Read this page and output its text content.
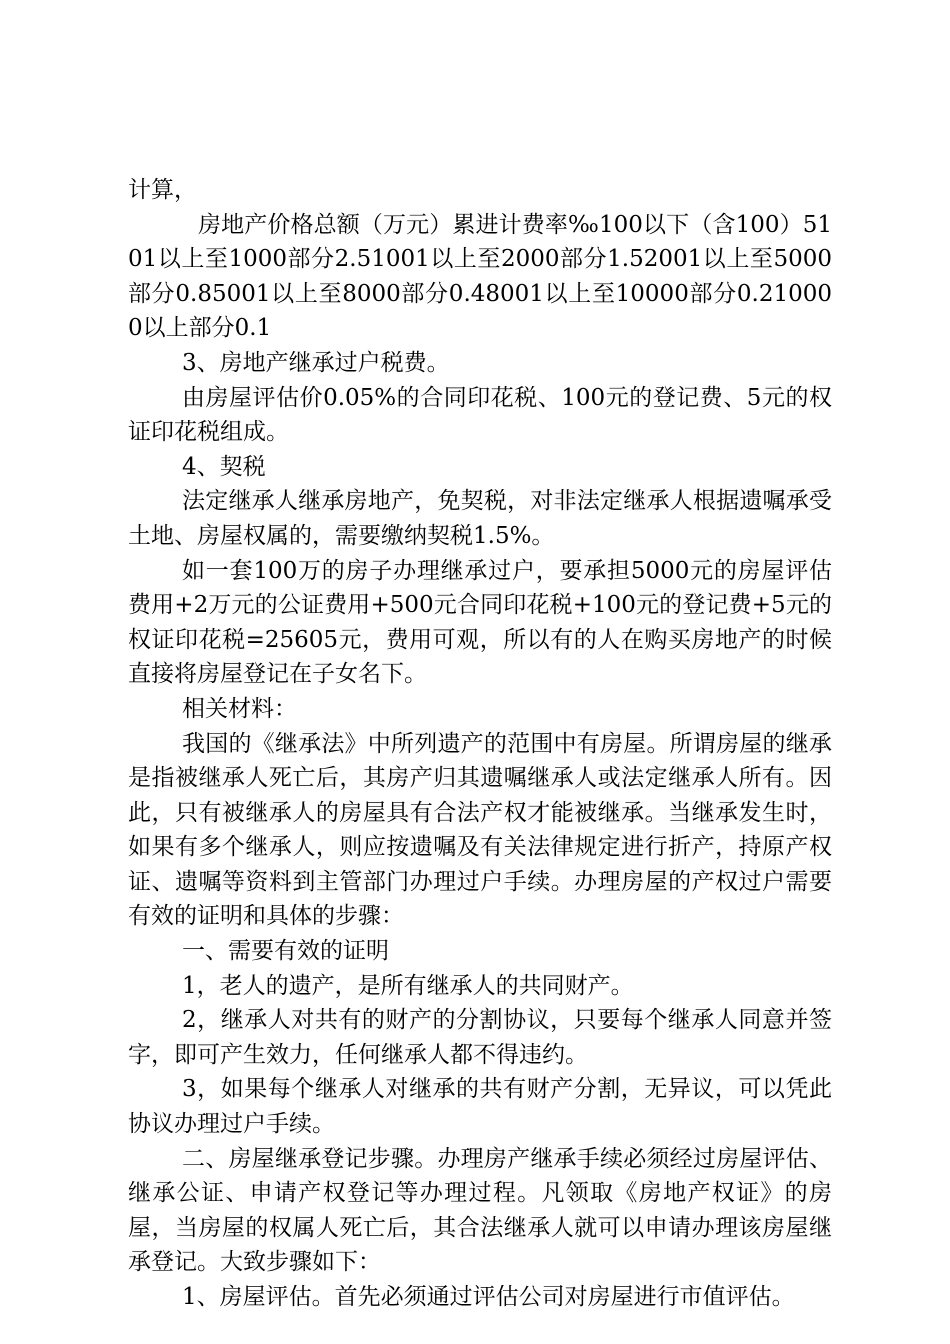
计算，

房地产价格总额（万元）累进计费率‰100以下（含100）5101以上至1000部分2.51001以上至2000部分1.52001以上至5000部分0.85001以上至8000部分0.48001以上至10000部分0.210000以上部分0.1

3、房地产继承过户税费。

由房屋评估价0.05%的合同印花税、100元的登记费、5元的权证印花税组成。

4、契税

法定继承人继承房地产，免契税，对非法定继承人根据遗嘱承受土地、房屋权属的，需要缴纳契税1.5%。

如一套100万的房子办理继承过户，要承担5000元的房屋评估费用+2万元的公证费用+500元合同印花税+100元的登记费+5元的权证印花税=25605元，费用可观，所以有的人在购买房地产的时候直接将房屋登记在子女名下。

相关材料：

我国的《继承法》中所列遗产的范围中有房屋。所谓房屋的继承是指被继承人死亡后，其房产归其遗嘱继承人或法定继承人所有。因此，只有被继承人的房屋具有合法产权才能被继承。当继承发生时，如果有多个继承人，则应按遗嘱及有关法律规定进行折产，持原产权证、遗嘱等资料到主管部门办理过户手续。办理房屋的产权过户需要有效的证明和具体的步骤：

一、需要有效的证明

1，老人的遗产，是所有继承人的共同财产。

2，继承人对共有的财产的分割协议，只要每个继承人同意并签字，即可产生效力，任何继承人都不得违约。

3，如果每个继承人对继承的共有财产分割，无异议，可以凭此协议办理过户手续。

二、房屋继承登记步骤。办理房产继承手续必须经过房屋评估、继承公证、申请产权登记等办理过程。凡领取《房地产权证》的房屋，当房屋的权属人死亡后，其合法继承人就可以申请办理该房屋继承登记。大致步骤如下：

1、房屋评估。首先必须通过评估公司对房屋进行市值评估。
